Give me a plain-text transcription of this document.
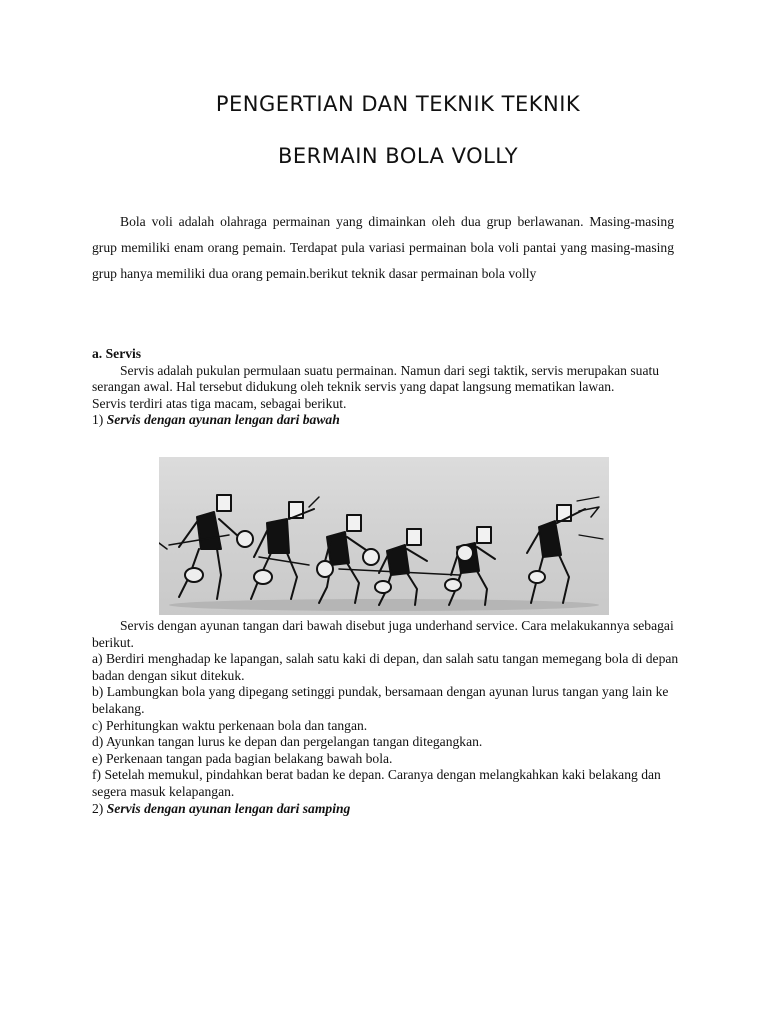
PENGERTIAN DAN TEKNIK TEKNIK
BERMAIN BOLA VOLLY

Bola voli adalah olahraga permainan yang dimainkan oleh dua grup berlawanan. Masing-masing grup memiliki enam orang pemain. Terdapat pula variasi permainan bola voli pantai yang masing-masing grup hanya memiliki dua orang pemain.berikut teknik dasar permainan bola volly

a. Servis

Servis adalah pukulan permulaan suatu permainan. Namun dari segi taktik, servis merupakan suatu serangan awal. Hal tersebut didukung oleh teknik servis yang dapat langsung mematikan lawan.

Servis terdiri atas tiga macam, sebagai berikut.

1) Servis dengan ayunan lengan dari bawah

Servis dengan ayunan tangan dari bawah disebut juga underhand service. Cara melakukannya sebagai berikut.

a) Berdiri menghadap ke lapangan, salah satu kaki di depan, dan salah satu tangan memegang bola di depan badan dengan sikut ditekuk.

b) Lambungkan bola yang dipegang setinggi pundak, bersamaan dengan ayunan lurus tangan yang lain ke belakang.

c) Perhitungkan waktu perkenaan bola dan tangan.

d) Ayunkan tangan lurus ke depan dan pergelangan tangan ditegangkan.

e) Perkenaan tangan pada bagian belakang bawah bola.

f) Setelah memukul, pindahkan berat badan ke depan. Caranya dengan melangkahkan kaki belakang dan segera masuk kelapangan.

2) Servis dengan ayunan lengan dari samping
